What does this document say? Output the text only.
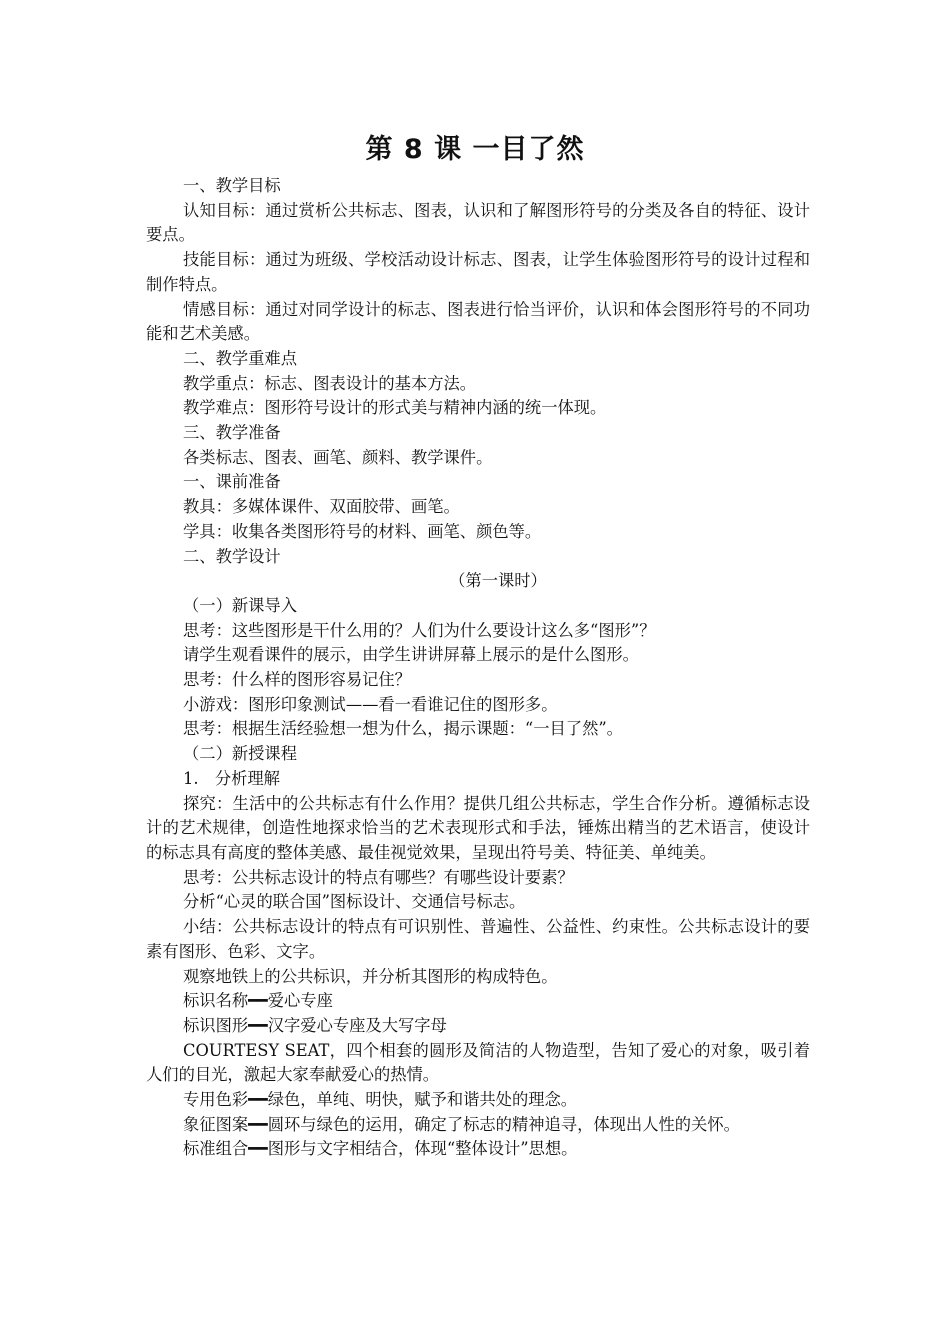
第 8 课 一目了然

一、教学目标

认知目标：通过赏析公共标志、图表，认识和了解图形符号的分类及各自的特征、设计要点。

技能目标：通过为班级、学校活动设计标志、图表，让学生体验图形符号的设计过程和制作特点。

情感目标：通过对同学设计的标志、图表进行恰当评价，认识和体会图形符号的不同功能和艺术美感。

二、教学重难点

教学重点：标志、图表设计的基本方法。

教学难点：图形符号设计的形式美与精神内涵的统一体现。

三、教学准备

各类标志、图表、画笔、颜料、教学课件。

一、课前准备

教具：多媒体课件、双面胶带、画笔。

学具：收集各类图形符号的材料、画笔、颜色等。

二、教学设计

（第一课时）

（一）新课导入

思考：这些图形是干什么用的？人们为什么要设计这么多“图形”？

请学生观看课件的展示，由学生讲讲屏幕上展示的是什么图形。

思考：什么样的图形容易记住？

小游戏：图形印象测试——看一看谁记住的图形多。

思考：根据生活经验想一想为什么，揭示课题：“一目了然”。

（二）新授课程

1.　分析理解

探究：生活中的公共标志有什么作用？提供几组公共标志，学生合作分析。遵循标志设计的艺术规律，创造性地探求恰当的艺术表现形式和手法，锤炼出精当的艺术语言，使设计的标志具有高度的整体美感、最佳视觉效果，呈现出符号美、特征美、单纯美。

思考：公共标志设计的特点有哪些？有哪些设计要素？

分析“心灵的联合国”图标设计、交通信号标志。

小结：公共标志设计的特点有可识别性、普遍性、公益性、约束性。公共标志设计的要素有图形、色彩、文字。

观察地铁上的公共标识，并分析其图形的构成特色。

标识名称━━爱心专座

标识图形━━汉字爱心专座及大写字母

COURTESY SEAT，四个相套的圆形及简洁的人物造型，告知了爱心的对象，吸引着人们的目光，激起大家奉献爱心的热情。

专用色彩━━绿色，单纯、明快，赋予和谐共处的理念。

象征图案━━圆环与绿色的运用，确定了标志的精神追寻，体现出人性的关怀。

标准组合━━图形与文字相结合，体现“整体设计”思想。
